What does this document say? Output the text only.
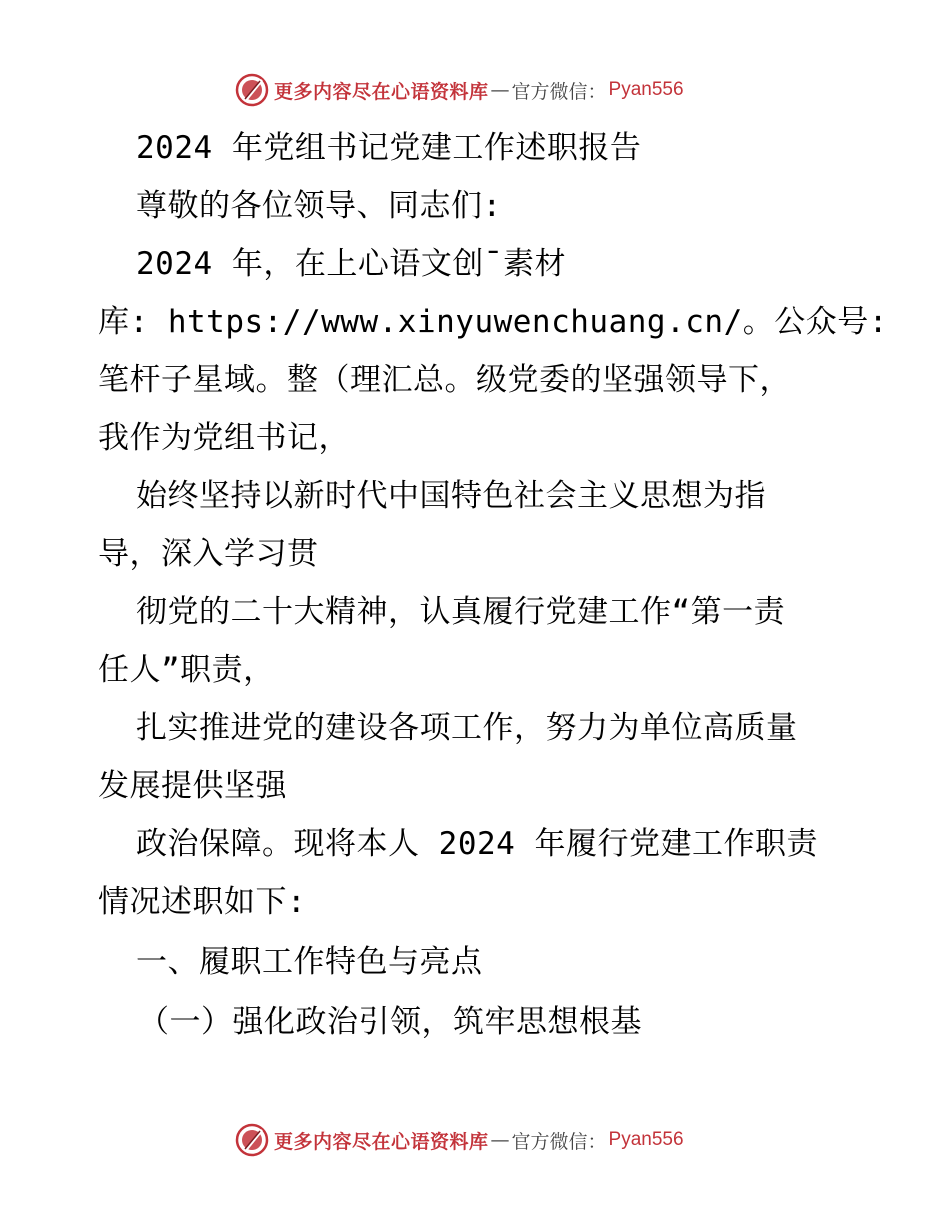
更多内容尽在心语资料库 — 官方微信： Pyan556
2024 年党组书记党建工作述职报告
尊敬的各位领导、同志们:
2024 年，在上心语文创¯素材
库: https://www.xinyuwenchuang.cn/。公众号:
笔杆子星域。整（理汇总。级党委的坚强领导下，
我作为党组书记，
始终坚持以新时代中国特色社会主义思想为指
导，深入学习贯
彻党的二十大精神，认真履行党建工作“第一责
任人”职责，
扎实推进党的建设各项工作，努力为单位高质量
发展提供坚强
政治保障。现将本人 2024 年履行党建工作职责
情况述职如下:
一、履职工作特色与亮点
（一）强化政治引领，筑牢思想根基
更多内容尽在心语资料库 — 官方微信： Pyan556
